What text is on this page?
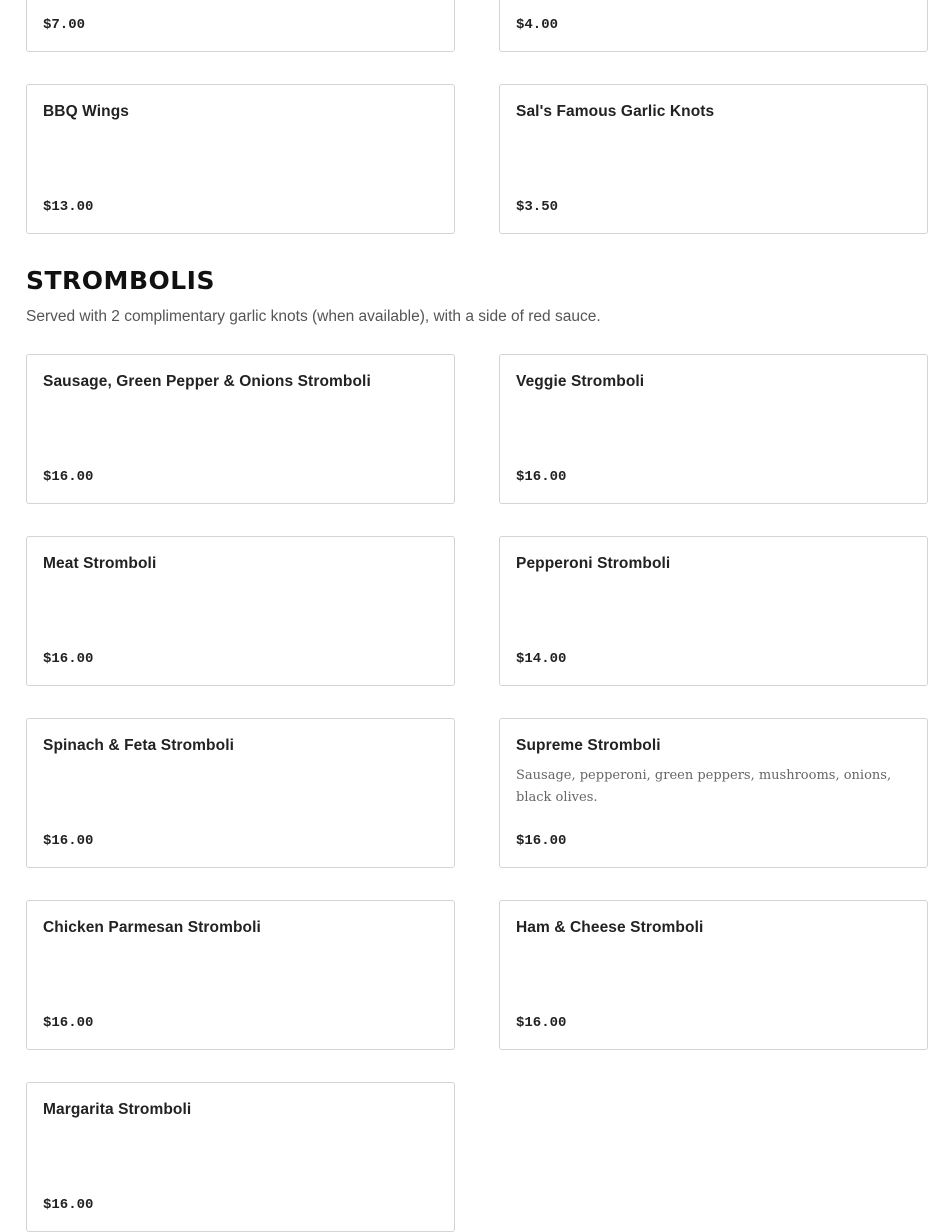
$7.00	$4.00
BBQ Wings
$13.00
Sal's Famous Garlic Knots
$3.50
STROMBOLIS

Served with 2 complimentary garlic knots (when available), with a side of red sauce.

Sausage, Green Pepper & Onions Stromboli
$16.00
Veggie Stromboli
$16.00
Meat Stromboli
$16.00
Pepperoni Stromboli
$14.00
Spinach & Feta Stromboli
$16.00
Supreme Stromboli
Sausage, pepperoni, green peppers, mushrooms, onions, black olives.
$16.00
Chicken Parmesan Stromboli
$16.00
Ham & Cheese Stromboli
$16.00
Margarita Stromboli
$16.00
